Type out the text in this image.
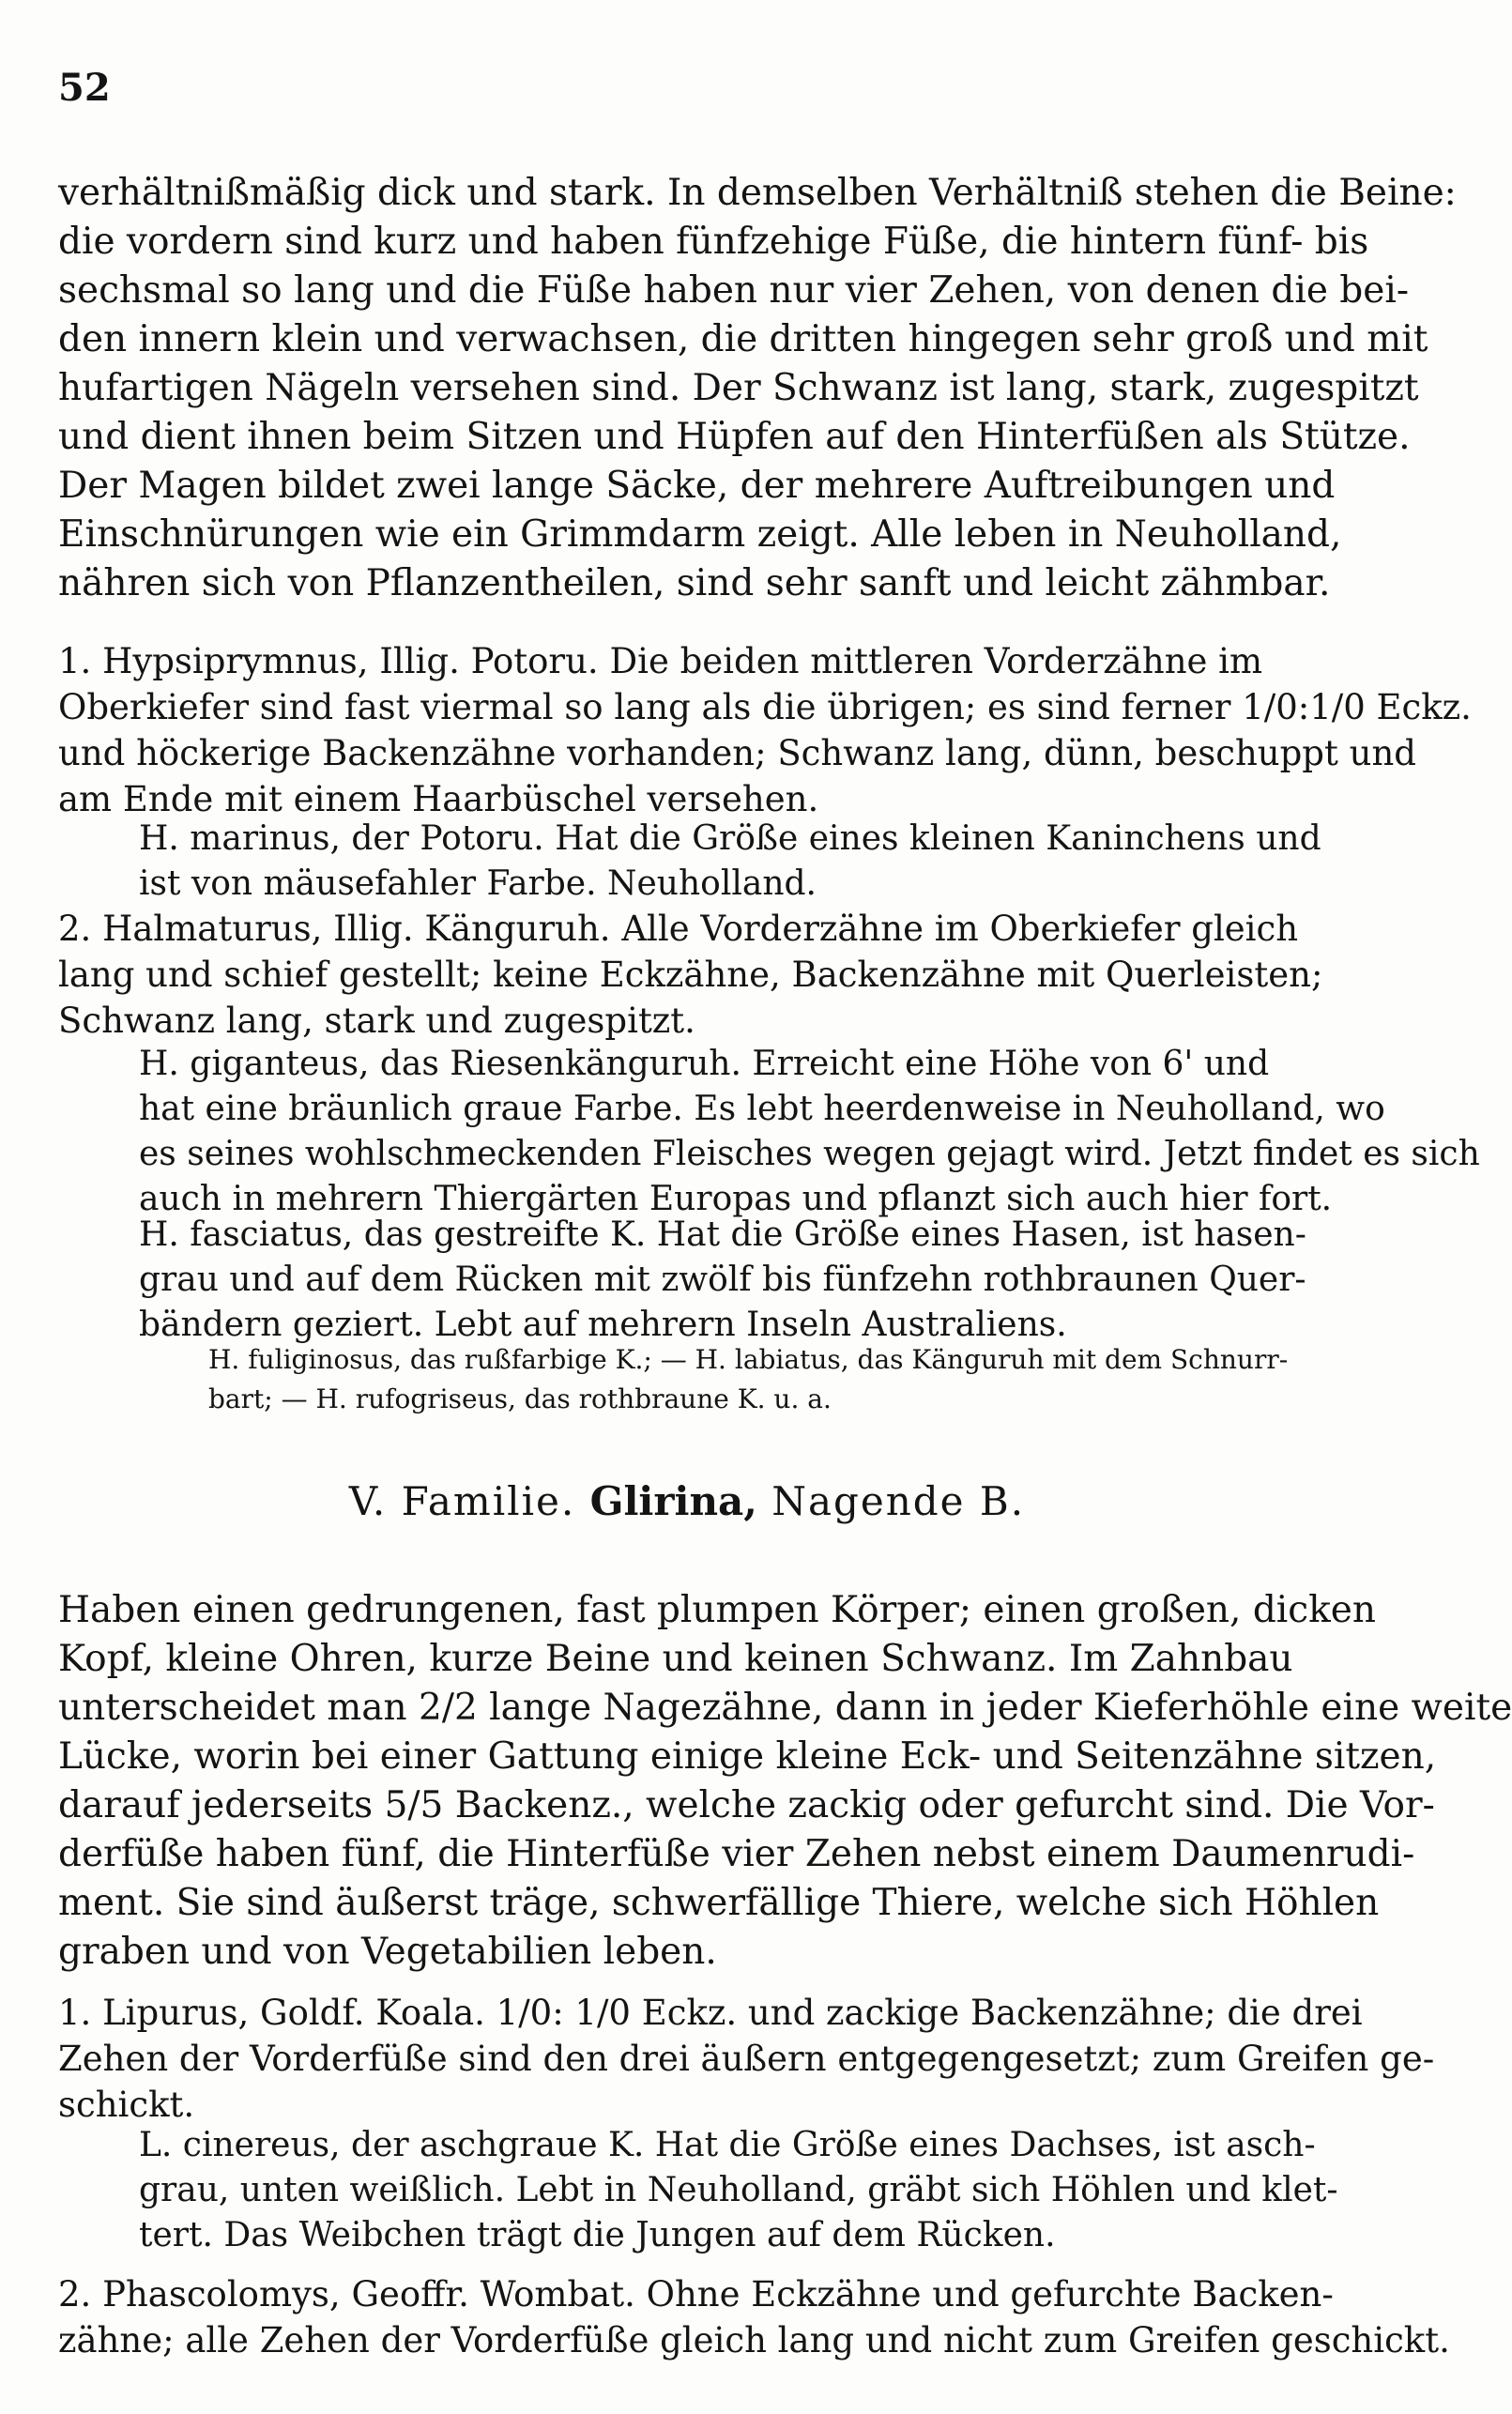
52
verhältnißmäßig dick und stark. In demselben Verhältniß stehen die Beine:
die vordern sind kurz und haben fünfzehige Füße, die hintern fünf- bis
sechsmal so lang und die Füße haben nur vier Zehen, von denen die bei-
den innern klein und verwachsen, die dritten hingegen sehr groß und mit
hufartigen Nägeln versehen sind. Der Schwanz ist lang, stark, zugespitzt
und dient ihnen beim Sitzen und Hüpfen auf den Hinterfüßen als Stütze.
Der Magen bildet zwei lange Säcke, der mehrere Auftreibungen und
Einschnürungen wie ein Grimmdarm zeigt. Alle leben in Neuholland,
nähren sich von Pflanzentheilen, sind sehr sanft und leicht zähmbar.
1. Hypsiprymnus, Illig. Potoru. Die beiden mittleren Vorderzähne im
Oberkiefer sind fast viermal so lang als die übrigen; es sind ferner 1/0:1/0 Eckz.
und höckerige Backenzähne vorhanden; Schwanz lang, dünn, beschuppt und
am Ende mit einem Haarbüschel versehen.
H. marinus, der Potoru. Hat die Größe eines kleinen Kaninchens und
ist von mäusefahler Farbe. Neuholland.
2. Halmaturus, Illig. Känguruh. Alle Vorderzähne im Oberkiefer gleich
lang und schief gestellt; keine Eckzähne, Backenzähne mit Querleisten;
Schwanz lang, stark und zugespitzt.
H. giganteus, das Riesenkänguruh. Erreicht eine Höhe von 6' und
hat eine bräunlich graue Farbe. Es lebt heerdenweise in Neuholland, wo
es seines wohlschmeckenden Fleisches wegen gejagt wird. Jetzt findet es sich
auch in mehrern Thiergärten Europas und pflanzt sich auch hier fort.
H. fasciatus, das gestreifte K. Hat die Größe eines Hasen, ist hasen-
grau und auf dem Rücken mit zwölf bis fünfzehn rothbraunen Quer-
bändern geziert. Lebt auf mehrern Inseln Australiens.
H. fuliginosus, das rußfarbige K.; — H. labiatus, das Känguruh mit dem Schnurr-
bart; — H. rufogriseus, das rothbraune K. u. a.
V. Familie. Glirina, Nagende B.
Haben einen gedrungenen, fast plumpen Körper; einen großen, dicken
Kopf, kleine Ohren, kurze Beine und keinen Schwanz. Im Zahnbau
unterscheidet man 2/2 lange Nagezähne, dann in jeder Kieferhöhle eine weite
Lücke, worin bei einer Gattung einige kleine Eck- und Seitenzähne sitzen,
darauf jederseits 5/5 Backenz., welche zackig oder gefurcht sind. Die Vor-
derfüße haben fünf, die Hinterfüße vier Zehen nebst einem Daumenrudi-
ment. Sie sind äußerst träge, schwerfällige Thiere, welche sich Höhlen
graben und von Vegetabilien leben.
1. Lipurus, Goldf. Koala. 1/0: 1/0 Eckz. und zackige Backenzähne; die drei
Zehen der Vorderfüße sind den drei äußern entgegengesetzt; zum Greifen ge-
schickt.
L. cinereus, der aschgraue K. Hat die Größe eines Dachses, ist asch-
grau, unten weißlich. Lebt in Neuholland, gräbt sich Höhlen und klet-
tert. Das Weibchen trägt die Jungen auf dem Rücken.
2. Phascolomys, Geoffr. Wombat. Ohne Eckzähne und gefurchte Backen-
zähne; alle Zehen der Vorderfüße gleich lang und nicht zum Greifen geschickt.
